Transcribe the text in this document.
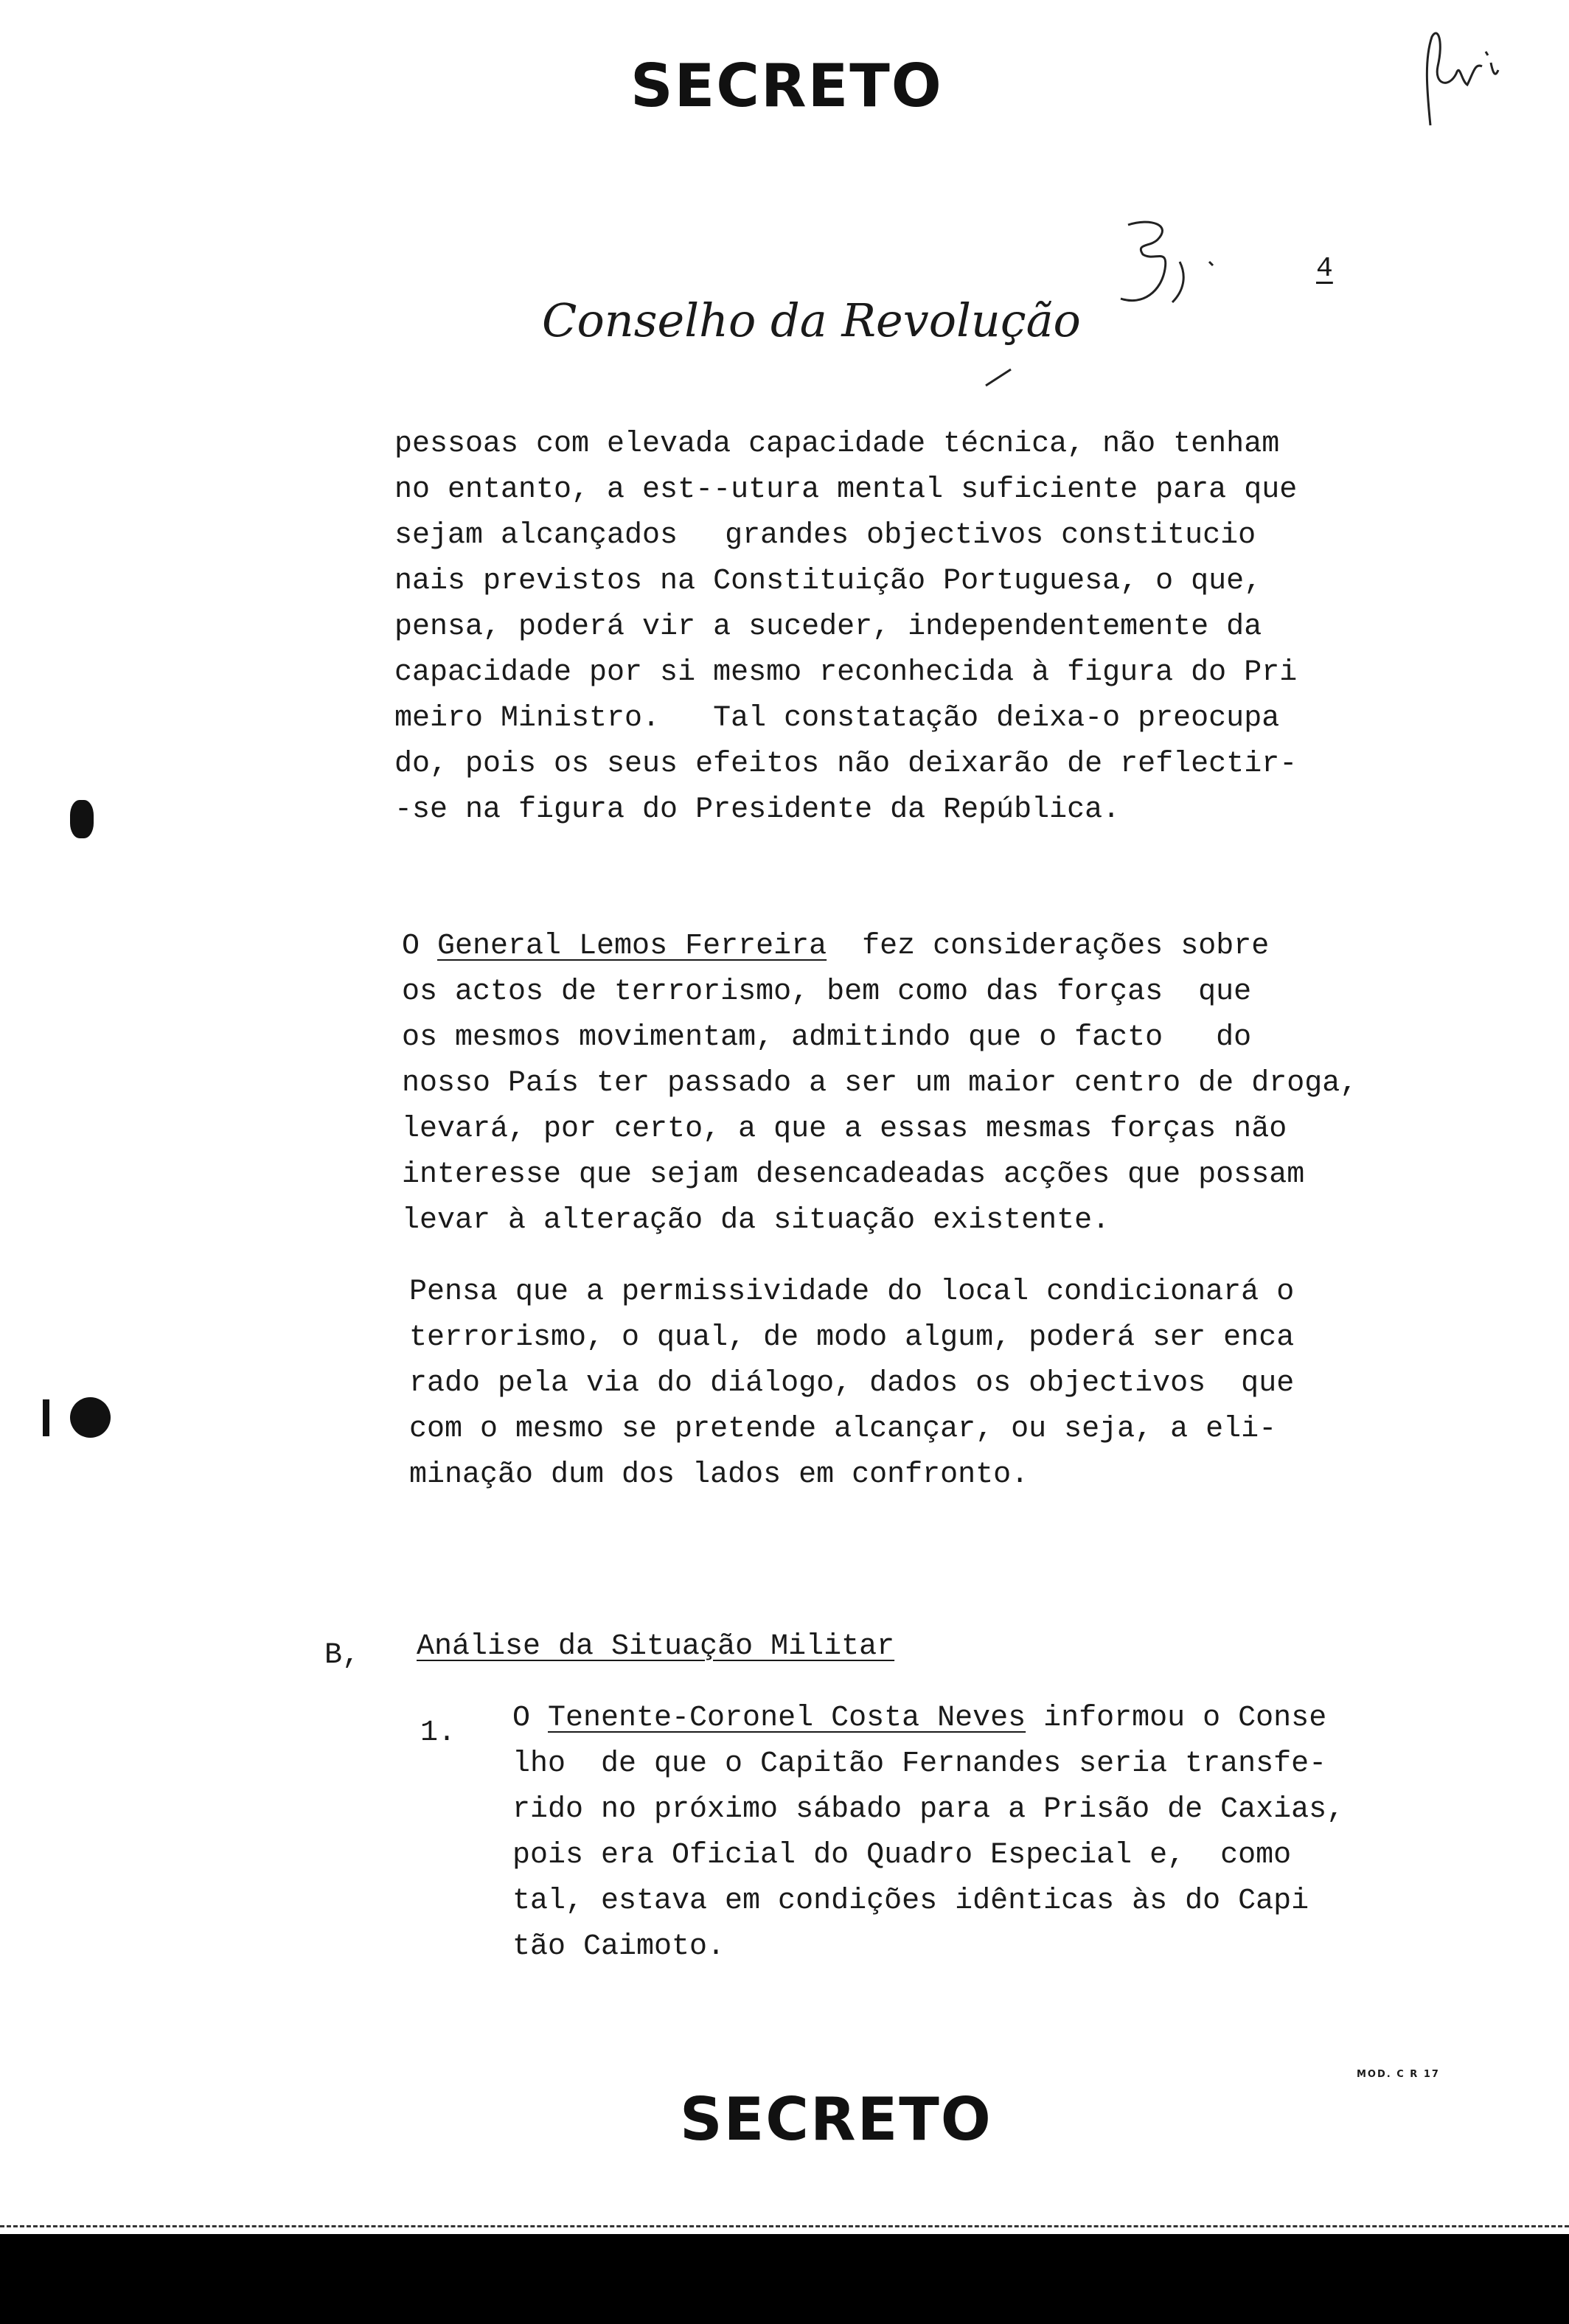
SECRETO
Conselho da Revolução
4
pessoas com elevada capacidade técnica, não tenham
no entanto, a est‐‐utura mental suficiente para que
sejam alcançados    grandes objectivos constitucio
nais previstos na Constituição Portuguesa, o que,
pensa, poderá vir a suceder, independentemente da
capacidade por si mesmo reconhecida à figura do Pri
meiro Ministro.   Tal constatação deixa-o preocupa
do, pois os seus efeitos não deixarão de reflectir-
-se na figura do Presidente da República.
O General Lemos Ferreira  fez considerações sobre
os actos de terrorismo, bem como das forças  que
os mesmos movimentam, admitindo que o facto   do
nosso País ter passado a ser um maior centro de droga,
levará, por certo, a que a essas mesmas forças não
interesse que sejam desencadeadas acções que possam
levar à alteração da situação existente.
Pensa que a permissividade do local condicionará o
terrorismo, o qual, de modo algum, poderá ser enca
rado pela via do diálogo, dados os objectivos  que
com o mesmo se pretende alcançar, ou seja, a eli-
minação dum dos lados em confronto.
B, Análise da Situação Militar
1. O Tenente-Coronel Costa Neves informou o Conse
lho  de que o Capitão Fernandes seria transfe-
rido no próximo sábado para a Prisão de Caxias,
pois era Oficial do Quadro Especial e,  como
tal, estava em condições idênticas às do Capi
tão Caimoto.
MOD. C R 17
SECRETO
